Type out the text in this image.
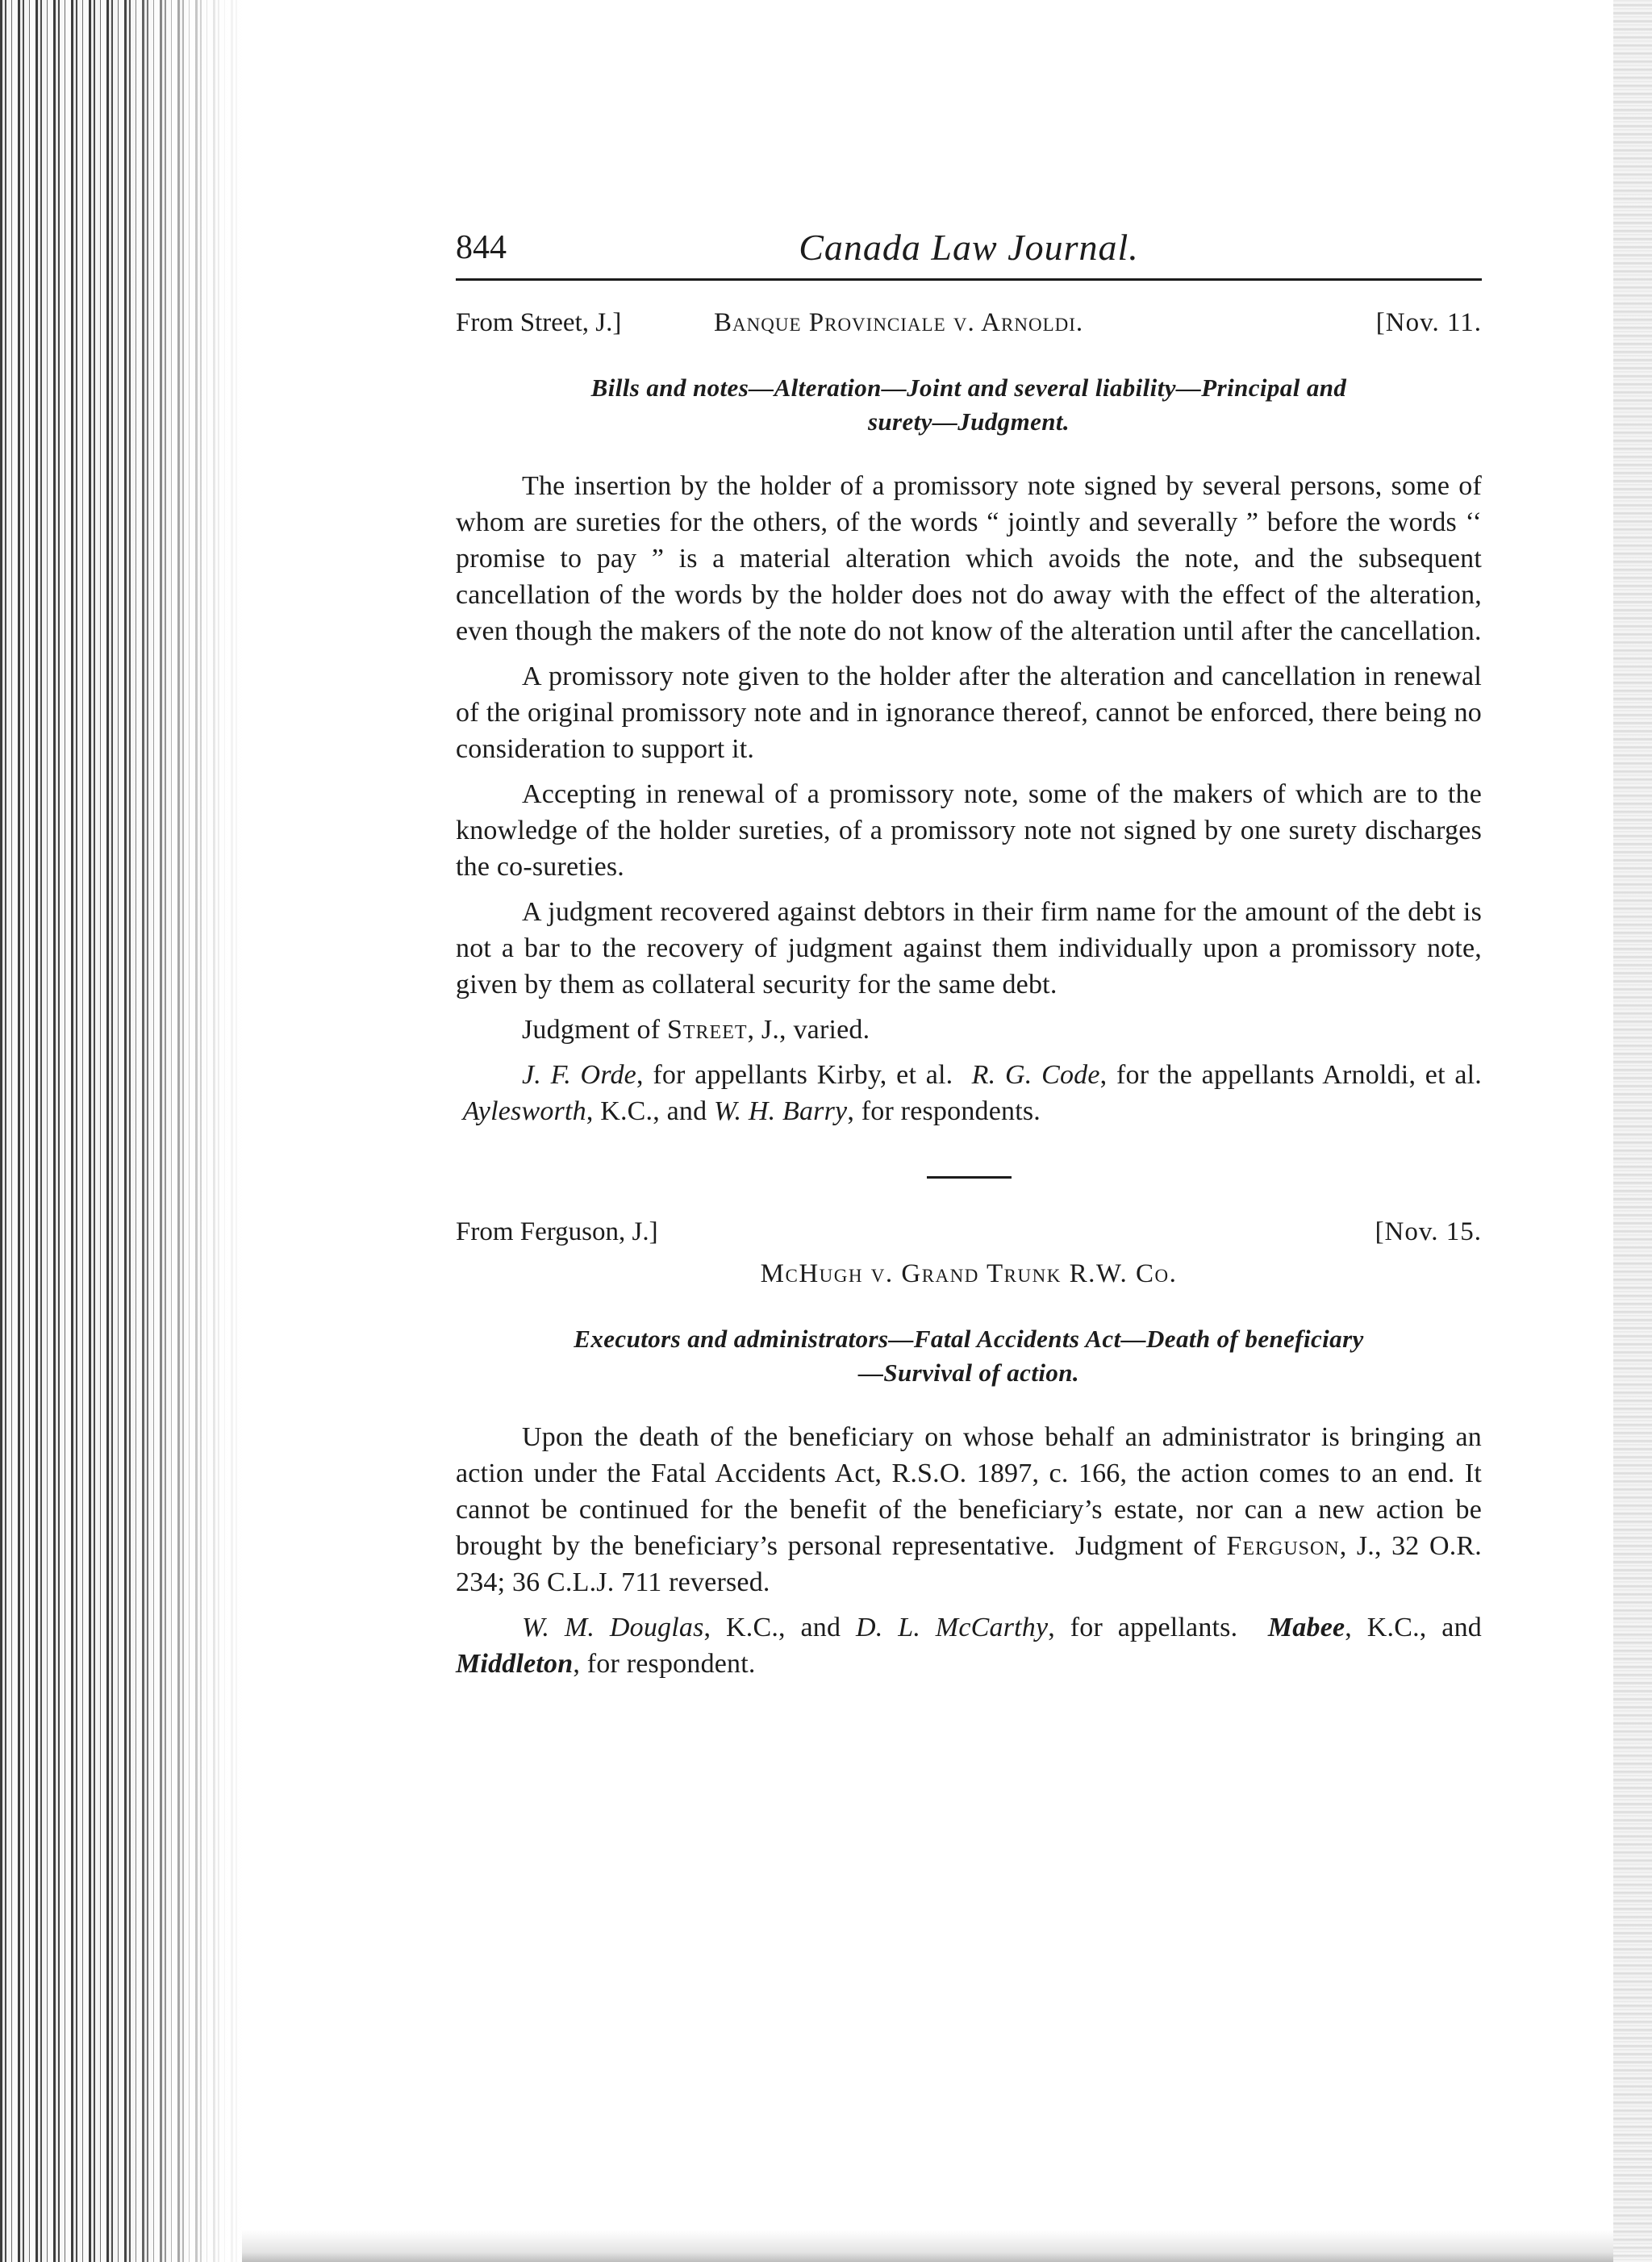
844	Canada Law Journal.
From Street, J.]	Banque Provinciale v. Arnoldi.	[Nov. 11.
Bills and notes—Alteration—Joint and several liability—Principal and
surety—Judgment.

The insertion by the holder of a promissory note signed by several persons, some of whom are sureties for the others, of the words “ jointly and severally ” before the words ‘‘ promise to pay ” is a material alteration which avoids the note, and the subsequent cancellation of the words by the holder does not do away with the effect of the alteration, even though the makers of the note do not know of the alteration until after the cancellation.

A promissory note given to the holder after the alteration and cancellation in renewal of the original promissory note and in ignorance thereof, cannot be enforced, there being no consideration to support it.

Accepting in renewal of a promissory note, some of the makers of which are to the knowledge of the holder sureties, of a promissory note not signed by one surety discharges the co-sureties.

A judgment recovered against debtors in their firm name for the amount of the debt is not a bar to the recovery of judgment against them individually upon a promissory note, given by them as collateral security for the same debt.

Judgment of Street, J., varied.

J. F. Orde, for appellants Kirby, et al. R. G. Code, for the appellants Arnoldi, et al.  Aylesworth, K.C., and W. H. Barry, for respondents.

From Ferguson, J.]	[Nov. 15.
McHugh v. Grand Trunk R.W. Co.
Executors and administrators—Fatal Accidents Act—Death of beneficiary
—Survival of action.

Upon the death of the beneficiary on whose behalf an administrator is bringing an action under the Fatal Accidents Act, R.S.O. 1897, c. 166, the action comes to an end. It cannot be continued for the benefit of the beneficiary’s estate, nor can a new action be brought by the beneficiary’s personal representative. Judgment of Ferguson, J., 32 O.R. 234; 36 C.L.J. 711 reversed.

W. M. Douglas, K.C., and D. L. McCarthy, for appellants. Mabee, K.C., and Middleton, for respondent.
